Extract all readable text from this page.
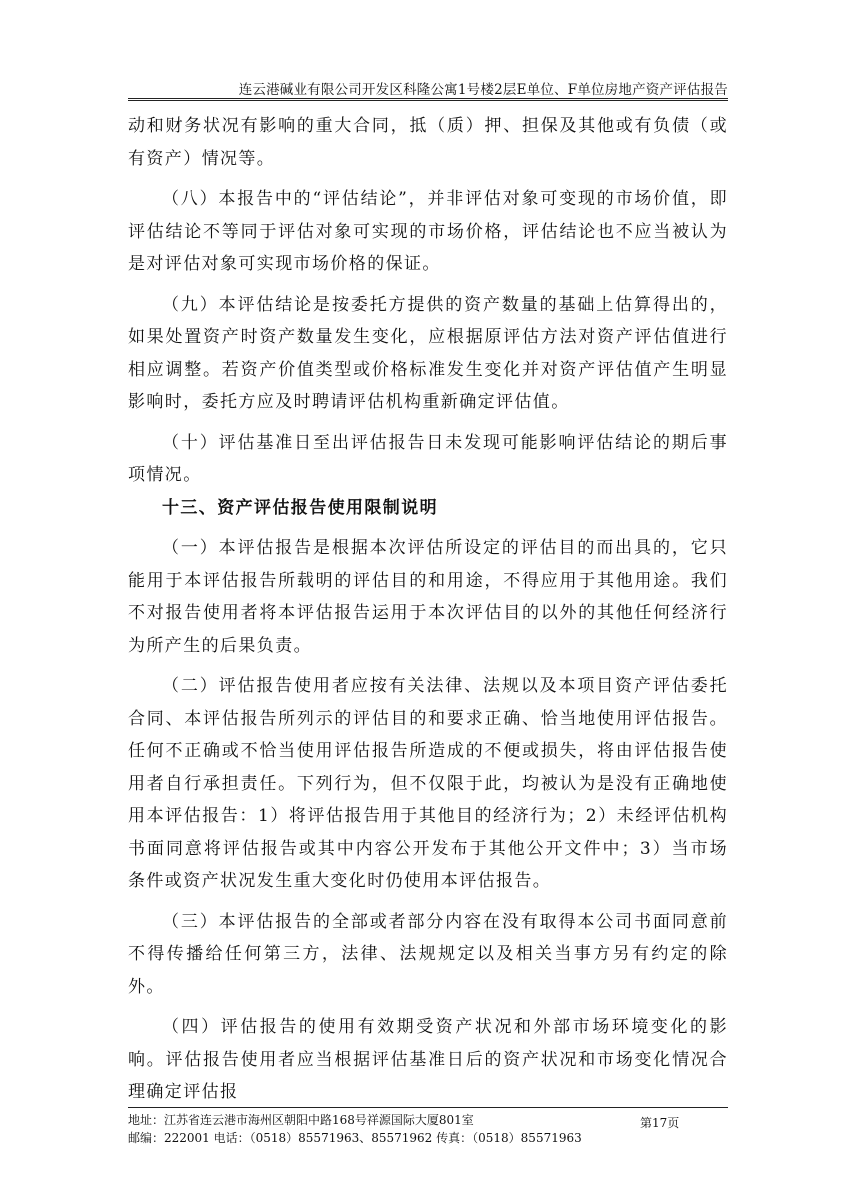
连云港碱业有限公司开发区科隆公寓1号楼2层E单位、F单位房地产资产评估报告

动和财务状况有影响的重大合同，抵（质）押、担保及其他或有负债（或有资产）情况等。

（八）本报告中的“评估结论”，并非评估对象可变现的市场价值，即评估结论不等同于评估对象可实现的市场价格，评估结论也不应当被认为是对评估对象可实现市场价格的保证。

（九）本评估结论是按委托方提供的资产数量的基础上估算得出的，如果处置资产时资产数量发生变化，应根据原评估方法对资产评估值进行相应调整。若资产价值类型或价格标准发生变化并对资产评估值产生明显影响时，委托方应及时聘请评估机构重新确定评估值。

（十）评估基准日至出评估报告日未发现可能影响评估结论的期后事项情况。

十三、资产评估报告使用限制说明

（一）本评估报告是根据本次评估所设定的评估目的而出具的，它只能用于本评估报告所载明的评估目的和用途，不得应用于其他用途。我们不对报告使用者将本评估报告运用于本次评估目的以外的其他任何经济行为所产生的后果负责。

（二）评估报告使用者应按有关法律、法规以及本项目资产评估委托合同、本评估报告所列示的评估目的和要求正确、恰当地使用评估报告。任何不正确或不恰当使用评估报告所造成的不便或损失，将由评估报告使用者自行承担责任。下列行为，但不仅限于此，均被认为是没有正确地使用本评估报告：1）将评估报告用于其他目的经济行为；2）未经评估机构书面同意将评估报告或其中内容公开发布于其他公开文件中；3）当市场条件或资产状况发生重大变化时仍使用本评估报告。

（三）本评估报告的全部或者部分内容在没有取得本公司书面同意前不得传播给任何第三方，法律、法规规定以及相关当事方另有约定的除外。

（四）评估报告的使用有效期受资产状况和外部市场环境变化的影响。评估报告使用者应当根据评估基准日后的资产状况和市场变化情况合理确定评估报

地址：江苏省连云港市海州区朝阳中路168号祥源国际大厦801室
邮编：222001 电话：（0518）85571963、85571962 传真：（0518）85571963
第17页
